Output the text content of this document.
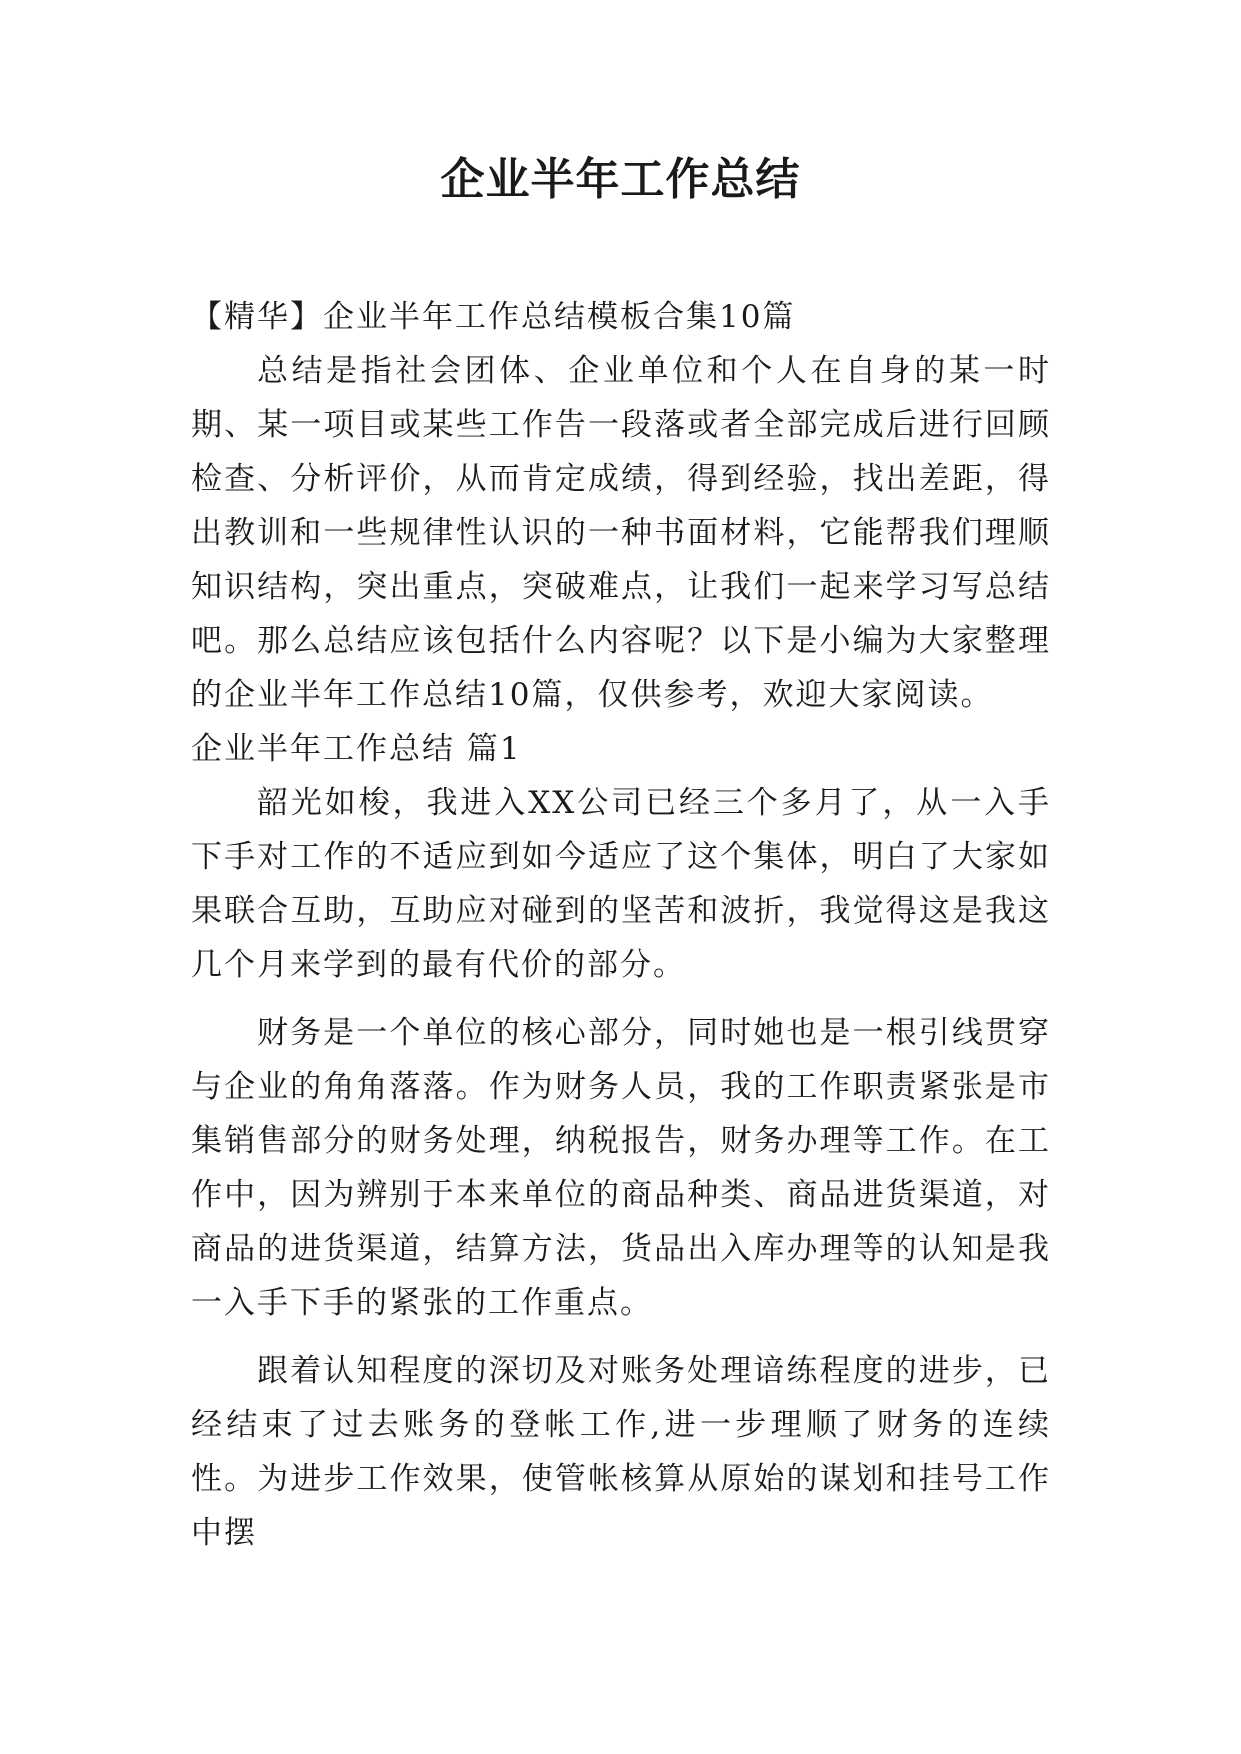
企业半年工作总结

【精华】企业半年工作总结模板合集10篇

总结是指社会团体、企业单位和个人在自身的某一时期、某一项目或某些工作告一段落或者全部完成后进行回顾检查、分析评价，从而肯定成绩，得到经验，找出差距，得出教训和一些规律性认识的一种书面材料，它能帮我们理顺知识结构，突出重点，突破难点，让我们一起来学习写总结吧。那么总结应该包括什么内容呢？以下是小编为大家整理的企业半年工作总结10篇，仅供参考，欢迎大家阅读。

企业半年工作总结 篇1

韶光如梭，我进入XX公司已经三个多月了，从一入手下手对工作的不适应到如今适应了这个集体，明白了大家如果联合互助，互助应对碰到的坚苦和波折，我觉得这是我这几个月来学到的最有代价的部分。

财务是一个单位的核心部分，同时她也是一根引线贯穿与企业的角角落落。作为财务人员，我的工作职责紧张是市集销售部分的财务处理，纳税报告，财务办理等工作。在工作中，因为辨别于本来单位的商品种类、商品进货渠道，对商品的进货渠道，结算方法，货品出入库办理等的认知是我一入手下手的紧张的工作重点。

跟着认知程度的深切及对账务处理谙练程度的进步，已经结束了过去账务的登帐工作,进一步理顺了财务的连续性。为进步工作效果，使管帐核算从原始的谋划和挂号工作中摆
